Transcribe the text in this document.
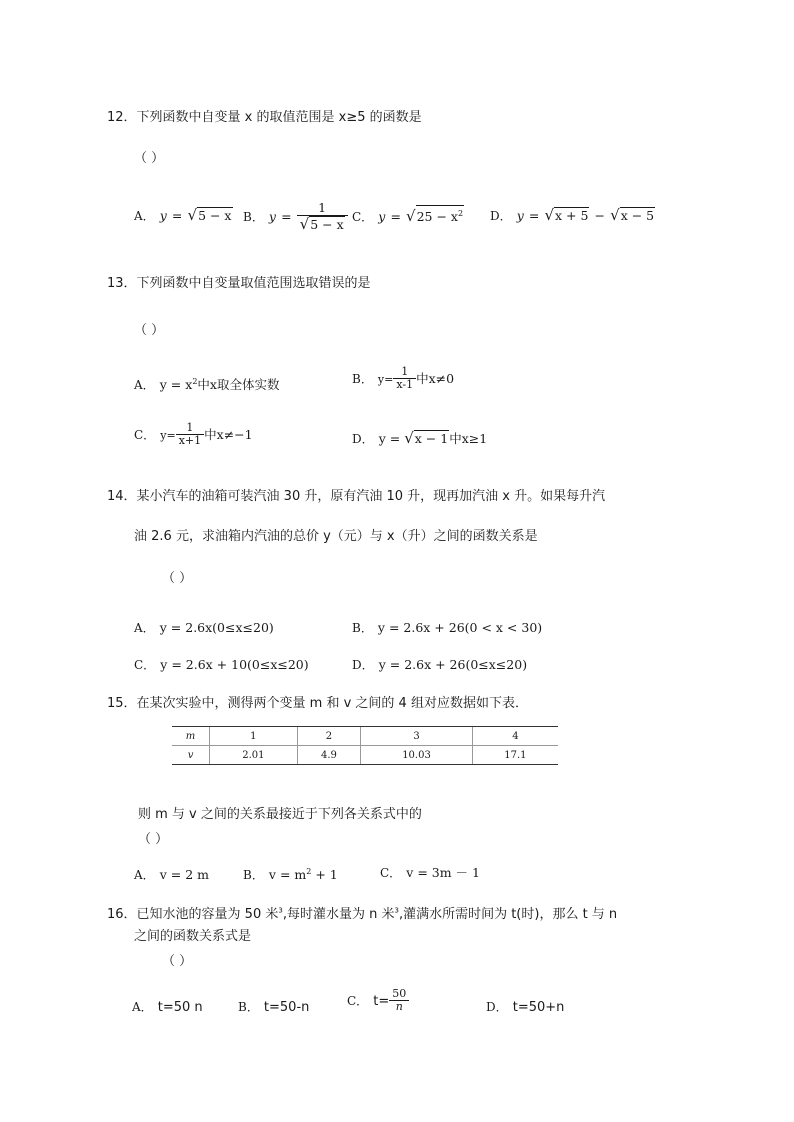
12．下列函数中自变量 x 的取值范围是 x≥5 的函数是
（ ）
A． y = √5 − x B． $y = \frac{1}{√5 - x}$ C． $y = √25 - x^2$ D． y = √x + 5 − √x − 5
13．下列函数中自变量取值范围选取错误的是
（ ）
A． $y = x^2$中x取全体实数	B． $y= \frac{1}{x-1}$ 中x≠0
C． $y= \frac{1}{x+1}$ 中x≠−1	D． y = √x − 1中x≥1
14．某小汽车的油箱可装汽油 30 升，原有汽油 10 升，现再加汽油 x 升。如果每升汽
油 2.6 元，求油箱内汽油的总价 y（元）与 x（升）之间的函数关系是
（ ）
A． y = 2.6x(0≤x≤20)	B． y = 2.6x + 26(0 < x < 30)
C． y = 2.6x + 10(0≤x≤20)	D． y = 2.6x + 26(0≤x≤20)
15．在某次实验中，测得两个变量 m 和 v 之间的 4 组对应数据如下表．
m	1	2	3	4
v	2.01	4.9	10.03	17.1
则 m 与 v 之间的关系最接近于下列各关系式中的
（ ）
A． v = 2 m	B． $v = m^2 + 1$	C． v = 3m － 1
16．已知水池的容量为 50 米$^3$,每时灌水量为 n 米$^3$,灌满水所需时间为 t(时)，那么 t 与 n
之间的函数关系式是
（ ）
A． t=50 n	B． t=50-n	C． $t= \frac{50}{n}$	D． t=50+n
